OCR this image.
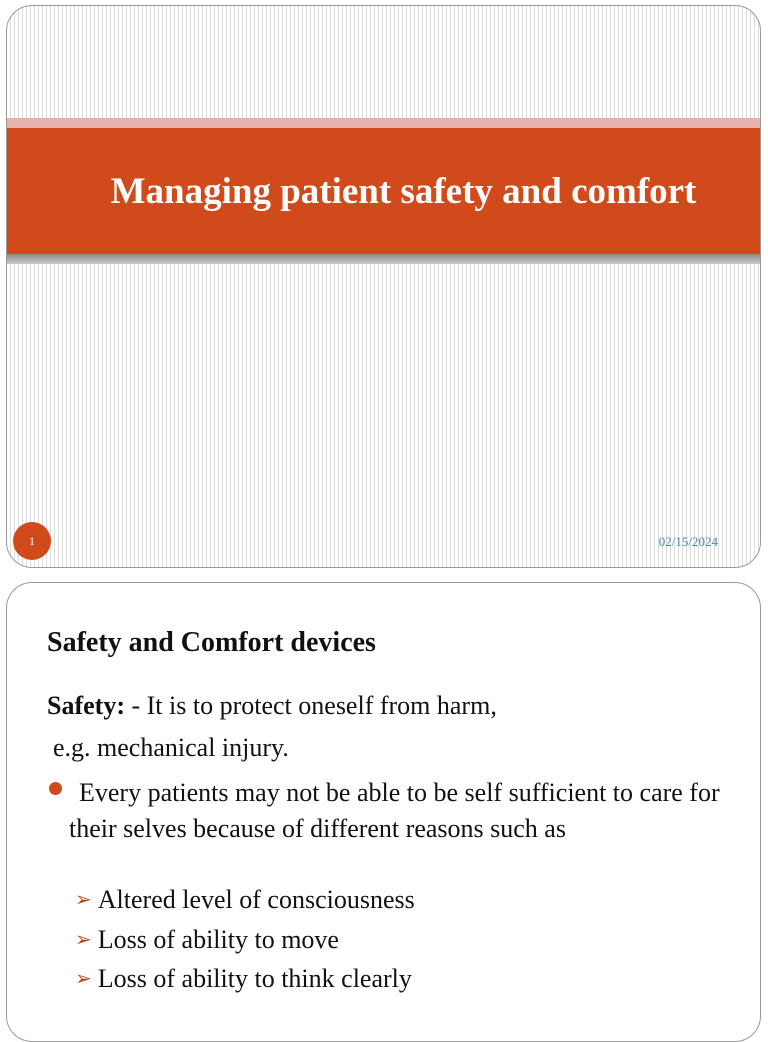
Managing patient safety and comfort
1	02/15/2024
Safety and Comfort devices

Safety: - It is to protect oneself from harm,

e.g. mechanical injury.

Every patients may not be able to be self sufficient to care for their selves because of different reasons such as

➢ Altered level of consciousness

➢ Loss of ability to move

➢ Loss of ability to think clearly
